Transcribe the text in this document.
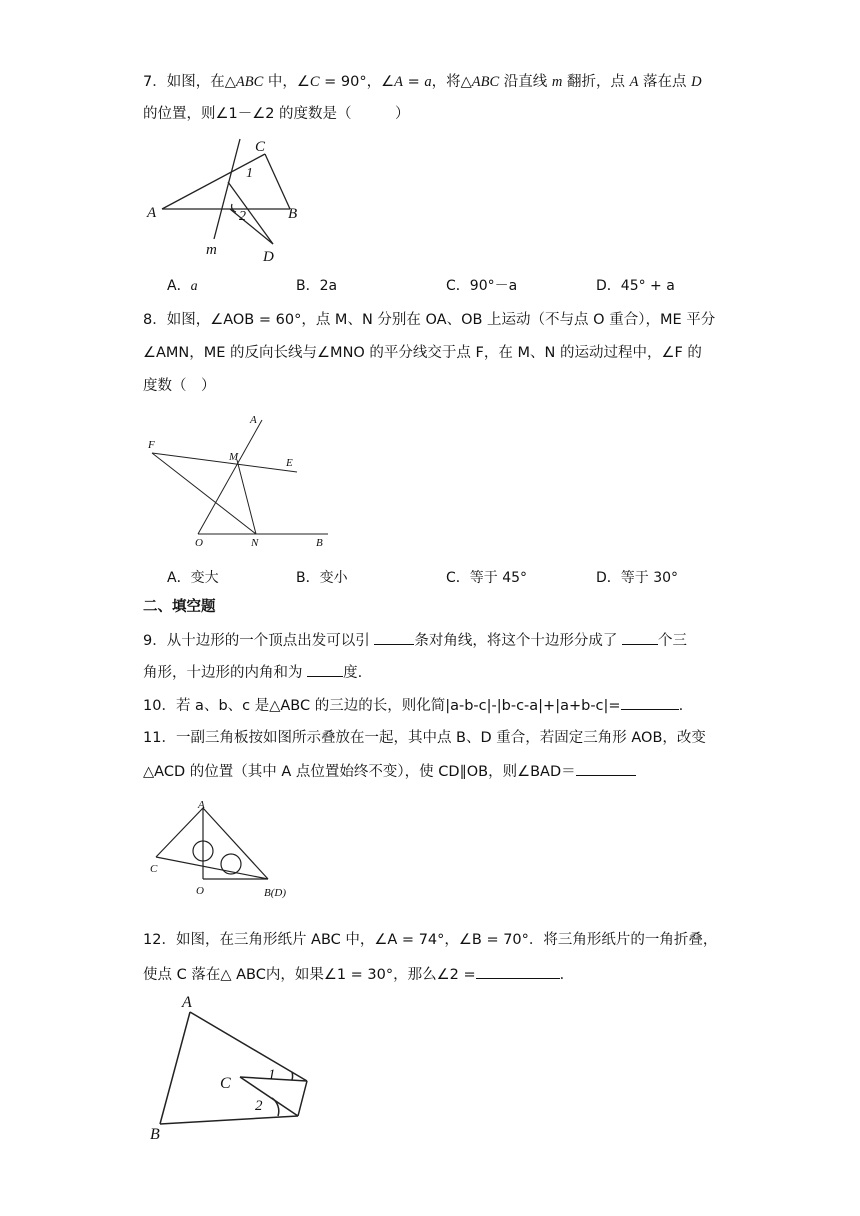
7．如图，在△ABC 中，∠C = 90°，∠A = a，将△ABC 沿直线 m 翻折，点 A 落在点 D
的位置，则∠1－∠2 的度数是（　　　）
A	B
C
D
m
1
2
A．a	B．2a	C．90°－a	D．45° + a
8．如图，∠AOB = 60°，点 M、N 分别在 OA、OB 上运动（不与点 O 重合），ME 平分
∠AMN，ME 的反向长线与∠MNO 的平分线交于点 F，在 M、N 的运动过程中，∠F 的
度数（　）
A
F
M	E
O	N	B
A．变大	B．变小	C．等于 45°	D．等于 30°
二、填空题
9．从十边形的一个顶点出发可以引	条对角线，将这个十边形分成了 个三
角形，十边形的内角和为 度.
10．若 a、b、c 是△ABC 的三边的长，则化简|a-b-c|-|b-c-a|+|a+b-c|=	.
11．一副三角板按如图所示叠放在一起，其中点 B、D 重合，若固定三角形 AOB，改变
△ACD 的位置（其中 A 点位置始终不变），使 CD∥OB，则∠BAD＝
A
C
O	B(D)
12．如图，在三角形纸片 ABC 中，∠A = 74°，∠B = 70°．将三角形纸片的一角折叠，
使点 C 落在△ ABC内，如果∠1 = 30°，那么∠2 =	．
A
B
C 1
2
